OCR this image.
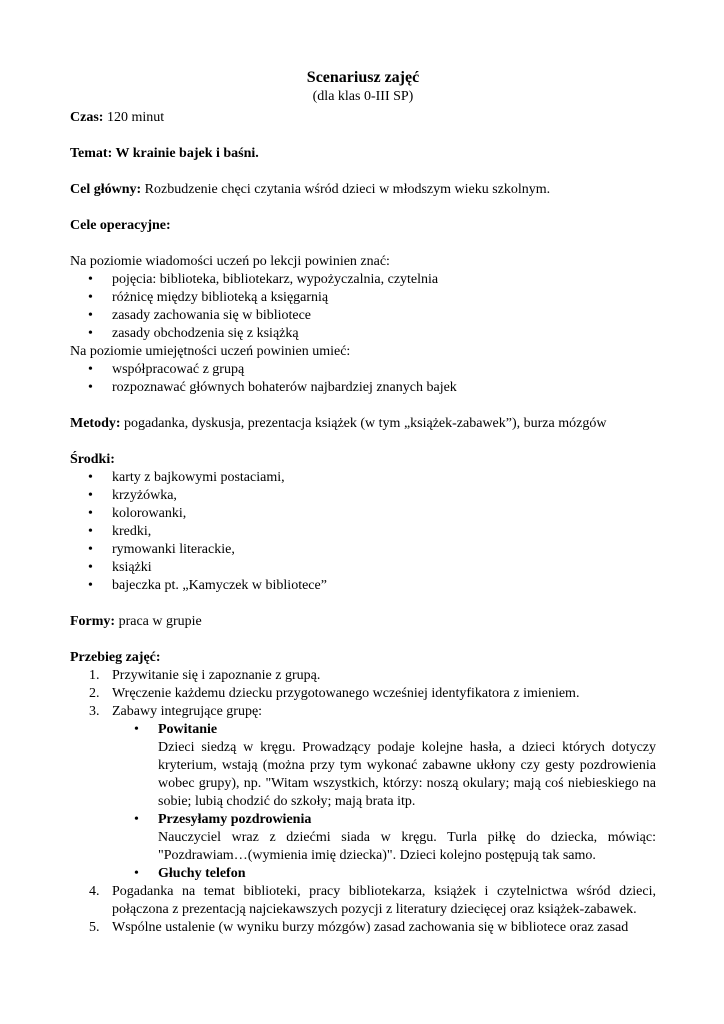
Scenariusz zajęć

(dla klas 0-III SP)

Czas: 120 minut

Temat: W krainie bajek i baśni.

Cel główny: Rozbudzenie chęci czytania wśród dzieci w młodszym wieku szkolnym.

Cele operacyjne:

Na poziomie wiadomości uczeń po lekcji powinien znać:

• pojęcia: biblioteka, bibliotekarz, wypożyczalnia, czytelnia
• różnicę między biblioteką a księgarnią
• zasady zachowania się w bibliotece
• zasady obchodzenia się z książką

Na poziomie umiejętności uczeń powinien umieć:

• współpracować z grupą
• rozpoznawać głównych bohaterów najbardziej znanych bajek

Metody: pogadanka, dyskusja, prezentacja książek (w tym „książek-zabawek”), burza mózgów

Środki:

• karty z bajkowymi postaciami,
• krzyżówka,
• kolorowanki,
• kredki,
• rymowanki literackie,
• książki
• bajeczka pt. „Kamyczek w bibliotece”

Formy: praca w grupie

Przebieg zajęć:

1. Przywitanie się i zapoznanie z grupą.
2. Wręczenie każdemu dziecku przygotowanego wcześniej identyfikatora z imieniem.
3. Zabawy integrujące grupę:
• Powitanie
Dzieci siedzą w kręgu. Prowadzący podaje kolejne hasła, a dzieci których dotyczy kryterium, wstają (można przy tym wykonać zabawne ukłony czy gesty pozdrowienia wobec grupy), np. "Witam wszystkich, którzy: noszą okulary; mają coś niebieskiego na sobie; lubią chodzić do szkoły; mają brata itp.
• Przesyłamy pozdrowienia
Nauczyciel wraz z dziećmi siada w kręgu. Turla piłkę do dziecka, mówiąc: "Pozdrawiam…(wymienia imię dziecka)". Dzieci kolejno postępują tak samo.
• Głuchy telefon
4. Pogadanka na temat biblioteki, pracy bibliotekarza, książek i czytelnictwa wśród dzieci, połączona z prezentacją najciekawszych pozycji z literatury dziecięcej oraz książek-zabawek.
5. Wspólne ustalenie (w wyniku burzy mózgów) zasad zachowania się w bibliotece oraz zasad
